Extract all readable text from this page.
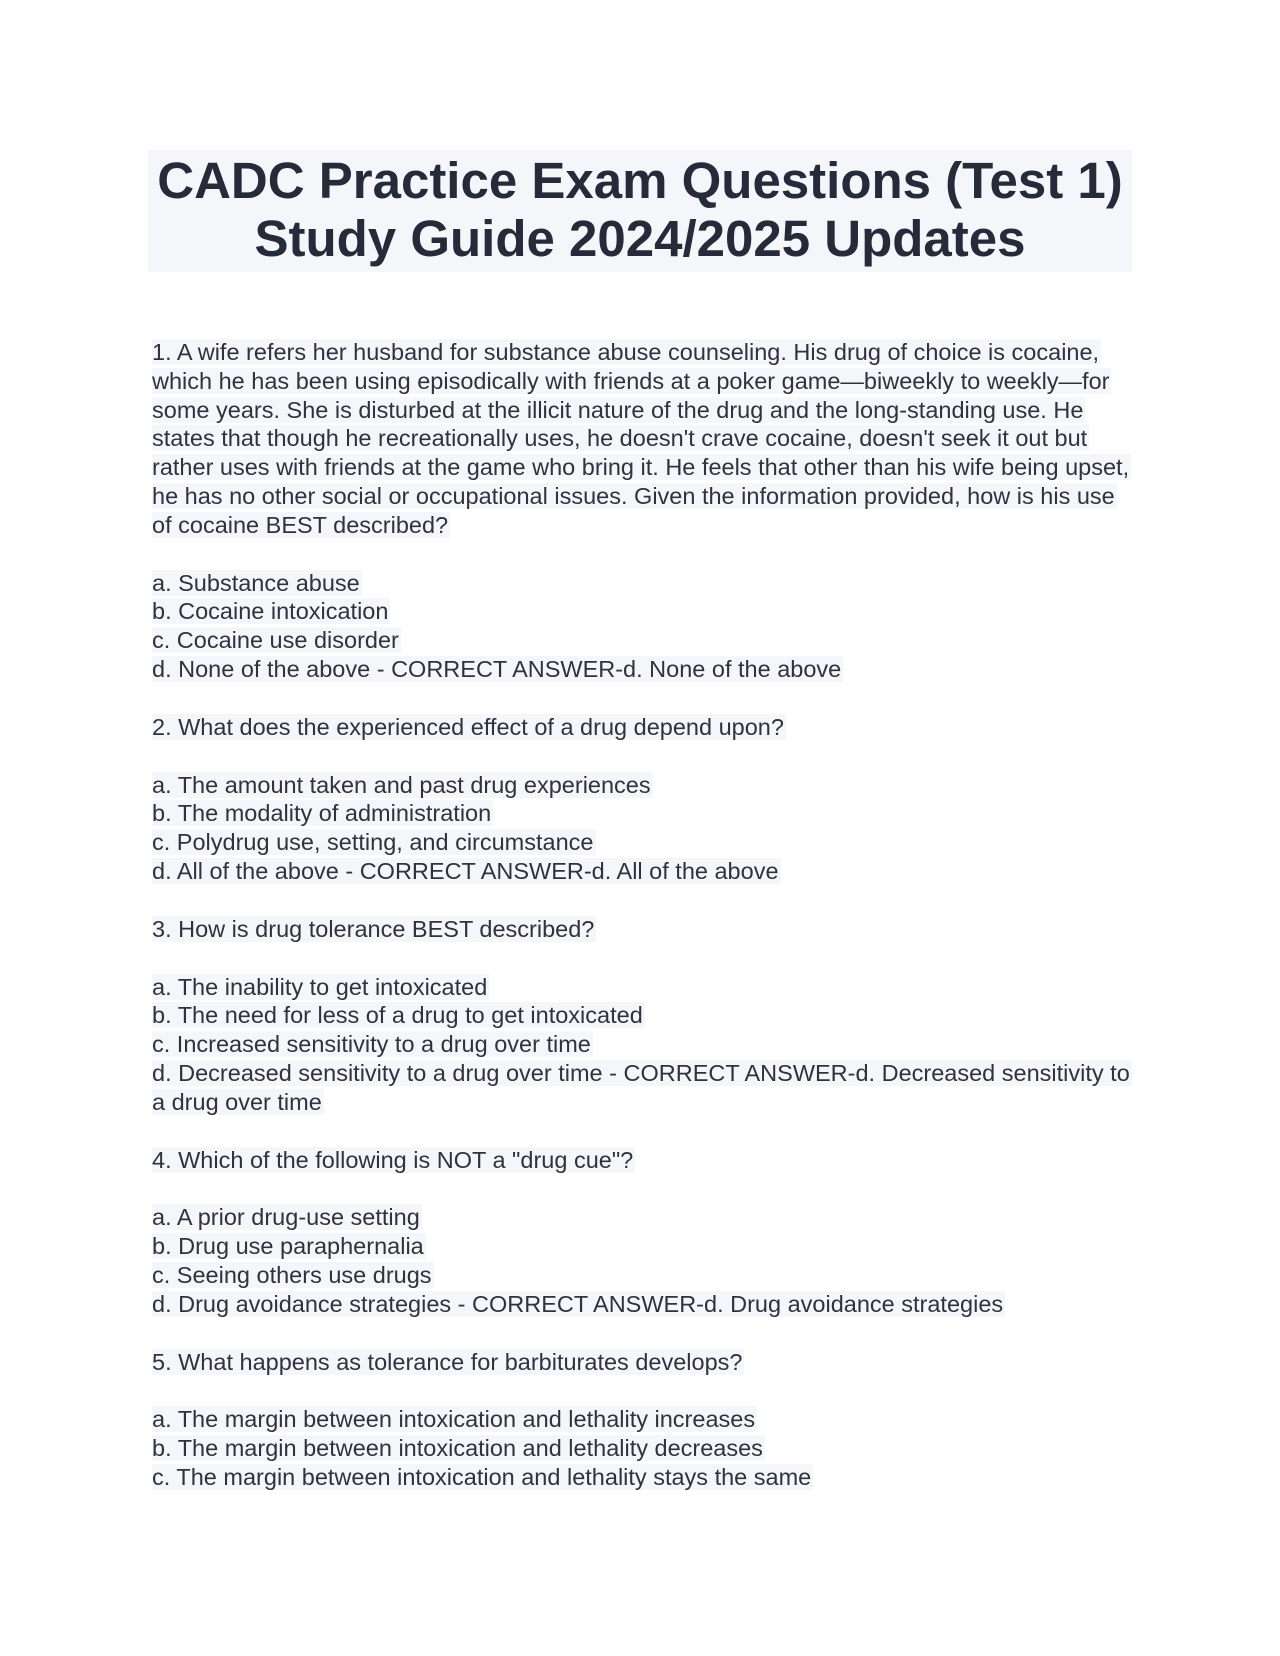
CADC Practice Exam Questions (Test 1)
Study Guide 2024/2025 Updates
1. A wife refers her husband for substance abuse counseling. His drug of choice is cocaine, which he has been using episodically with friends at a poker game—biweekly to weekly—for some years. She is disturbed at the illicit nature of the drug and the long-standing use. He states that though he recreationally uses, he doesn't crave cocaine, doesn't seek it out but rather uses with friends at the game who bring it. He feels that other than his wife being upset, he has no other social or occupational issues. Given the information provided, how is his use of cocaine BEST described?
a. Substance abuse
b. Cocaine intoxication
c. Cocaine use disorder
d. None of the above - CORRECT ANSWER-d. None of the above
2. What does the experienced effect of a drug depend upon?
a. The amount taken and past drug experiences
b. The modality of administration
c. Polydrug use, setting, and circumstance
d. All of the above - CORRECT ANSWER-d. All of the above
3. How is drug tolerance BEST described?
a. The inability to get intoxicated
b. The need for less of a drug to get intoxicated
c. Increased sensitivity to a drug over time
d. Decreased sensitivity to a drug over time - CORRECT ANSWER-d. Decreased sensitivity to a drug over time
4. Which of the following is NOT a "drug cue"?
a. A prior drug-use setting
b. Drug use paraphernalia
c. Seeing others use drugs
d. Drug avoidance strategies - CORRECT ANSWER-d. Drug avoidance strategies
5. What happens as tolerance for barbiturates develops?
a. The margin between intoxication and lethality increases
b. The margin between intoxication and lethality decreases
c. The margin between intoxication and lethality stays the same
